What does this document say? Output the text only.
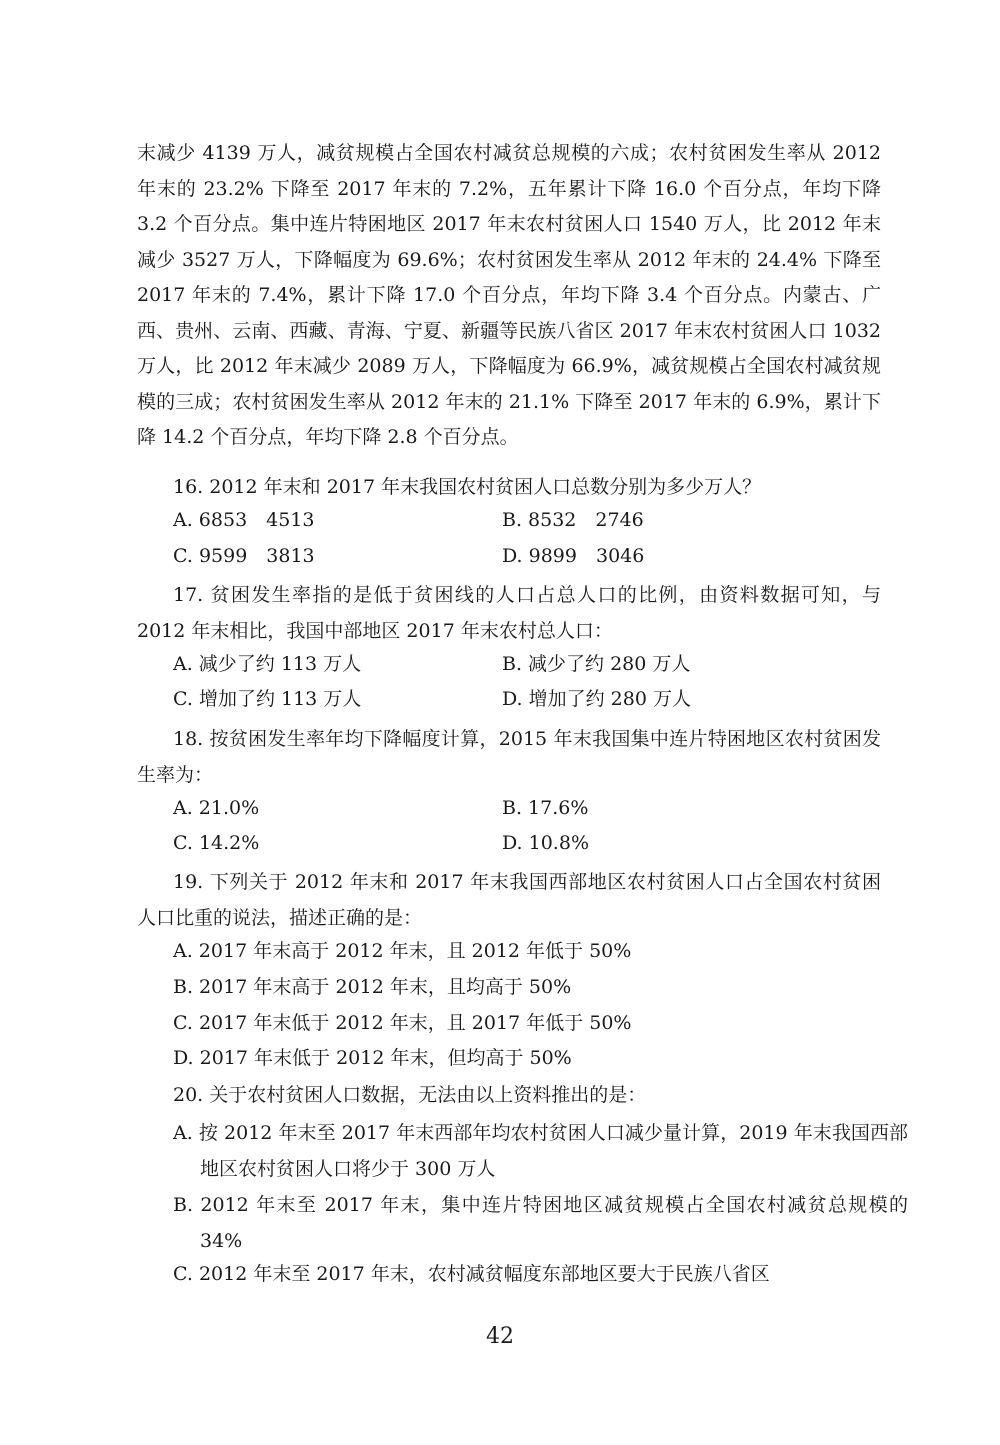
末减少 4139 万人，减贫规模占全国农村减贫总规模的六成；农村贫困发生率从 2012 年末的 23.2% 下降至 2017 年末的 7.2%，五年累计下降 16.0 个百分点，年均下降 3.2 个百分点。集中连片特困地区 2017 年末农村贫困人口 1540 万人，比 2012 年末减少 3527 万人，下降幅度为 69.6%；农村贫困发生率从 2012 年末的 24.4% 下降至 2017 年末的 7.4%，累计下降 17.0 个百分点，年均下降 3.4 个百分点。内蒙古、广西、贵州、云南、西藏、青海、宁夏、新疆等民族八省区 2017 年末农村贫困人口 1032 万人，比 2012 年末减少 2089 万人，下降幅度为 66.9%，减贫规模占全国农村减贫规模的三成；农村贫困发生率从 2012 年末的 21.1% 下降至 2017 年末的 6.9%，累计下降 14.2 个百分点，年均下降 2.8 个百分点。

16. 2012 年末和 2017 年末我国农村贫困人口总数分别为多少万人？
A. 6853　4513	B. 8532　2746
C. 9599　3813	D. 9899　3046
17. 贫困发生率指的是低于贫困线的人口占总人口的比例，由资料数据可知，与 2012 年末相比，我国中部地区 2017 年末农村总人口：
A. 减少了约 113 万人	B. 减少了约 280 万人
C. 增加了约 113 万人	D. 增加了约 280 万人
18. 按贫困发生率年均下降幅度计算，2015 年末我国集中连片特困地区农村贫困发生率为：
A. 21.0%	B. 17.6%
C. 14.2%	D. 10.8%
19. 下列关于 2012 年末和 2017 年末我国西部地区农村贫困人口占全国农村贫困人口比重的说法，描述正确的是：
A. 2017 年末高于 2012 年末，且 2012 年低于 50%
B. 2017 年末高于 2012 年末，且均高于 50%
C. 2017 年末低于 2012 年末，且 2017 年低于 50%
D. 2017 年末低于 2012 年末，但均高于 50%
20. 关于农村贫困人口数据，无法由以上资料推出的是：
A. 按 2012 年末至 2017 年末西部年均农村贫困人口减少量计算，2019 年末我国西部地区农村贫困人口将少于 300 万人
B. 2012 年末至 2017 年末，集中连片特困地区减贫规模占全国农村减贫总规模的 34%
C. 2012 年末至 2017 年末，农村减贫幅度东部地区要大于民族八省区
42
